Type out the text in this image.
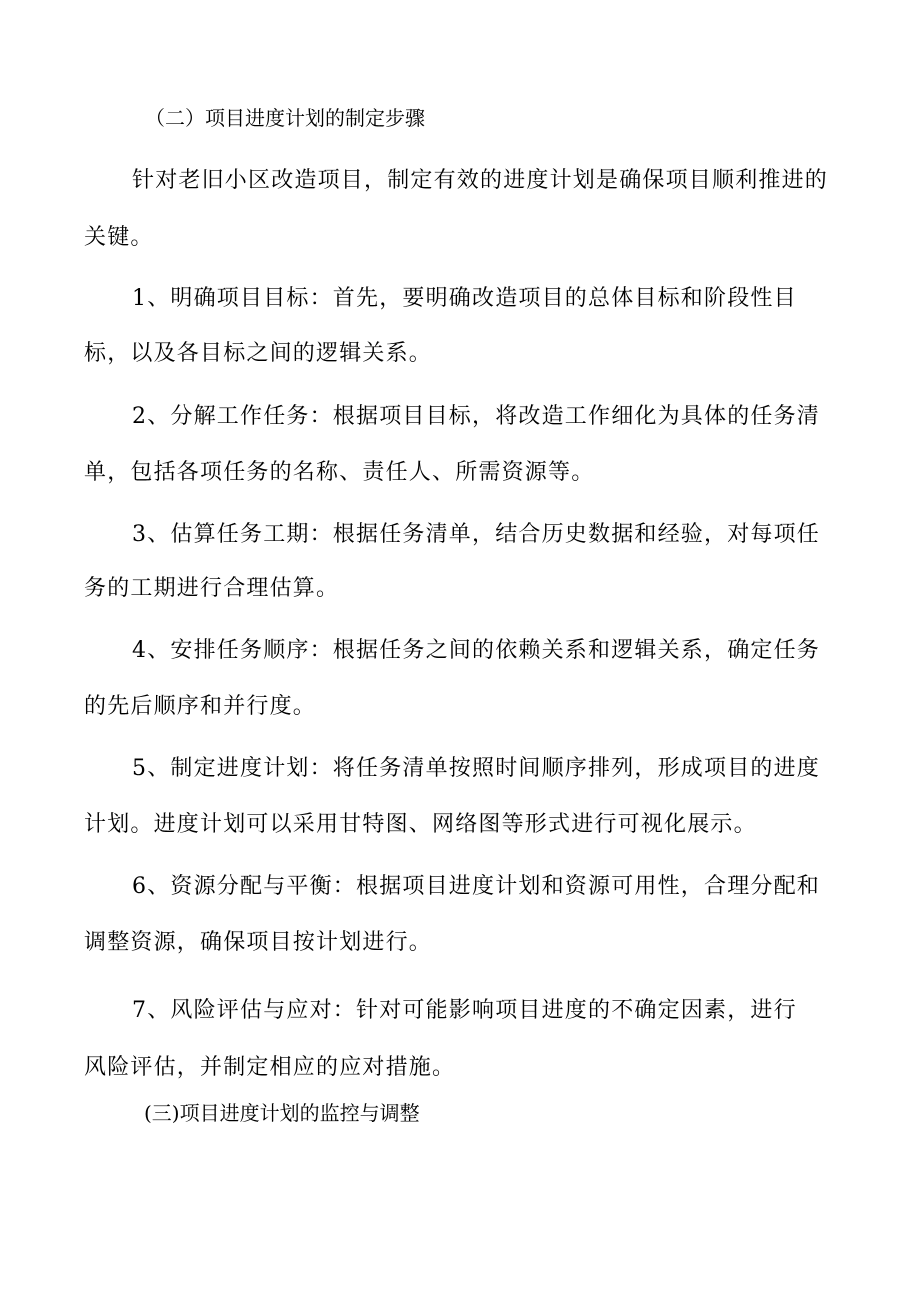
（二）项目进度计划的制定步骤

针对老旧小区改造项目，制定有效的进度计划是确保项目顺利推进的

关键。

1、明确项目目标：首先，要明确改造项目的总体目标和阶段性目

标，以及各目标之间的逻辑关系。

2、分解工作任务：根据项目目标，将改造工作细化为具体的任务清

单，包括各项任务的名称、责任人、所需资源等。

3、估算任务工期：根据任务清单，结合历史数据和经验，对每项任

务的工期进行合理估算。

4、安排任务顺序：根据任务之间的依赖关系和逻辑关系，确定任务

的先后顺序和并行度。

5、制定进度计划：将任务清单按照时间顺序排列，形成项目的进度

计划。进度计划可以采用甘特图、网络图等形式进行可视化展示。

6、资源分配与平衡：根据项目进度计划和资源可用性，合理分配和

调整资源，确保项目按计划进行。

7、风险评估与应对：针对可能影响项目进度的不确定因素，进行

风险评估，并制定相应的应对措施。

(三)项目进度计划的监控与调整
